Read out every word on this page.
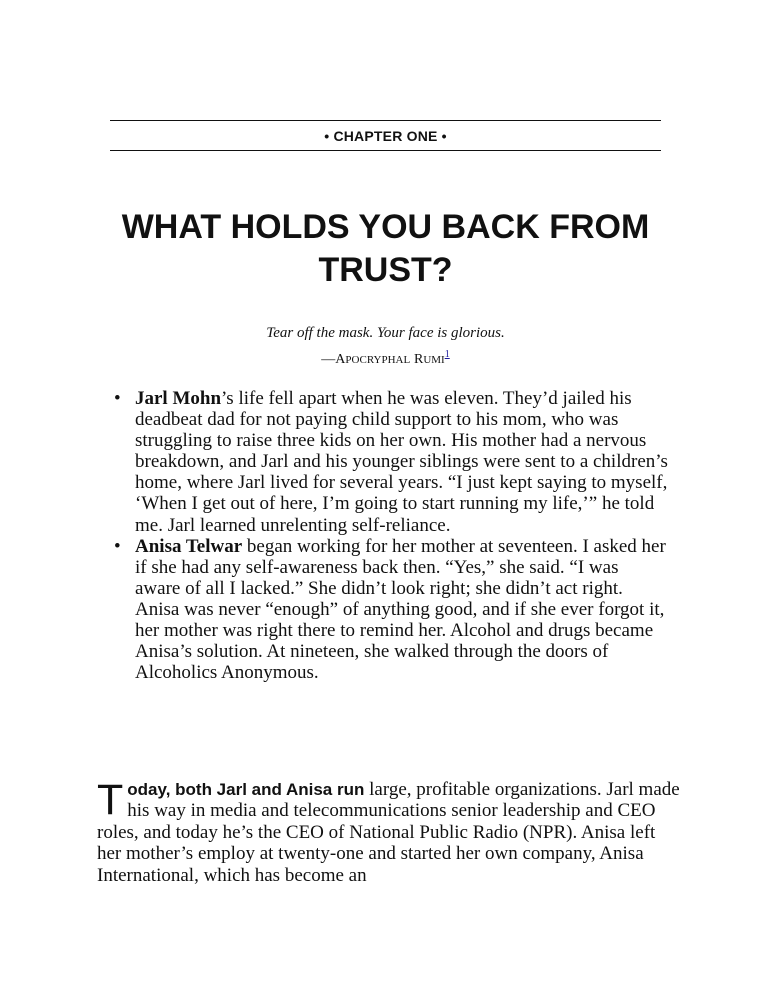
• CHAPTER ONE •
WHAT HOLDS YOU BACK FROM
TRUST?
Tear off the mask. Your face is glorious.
—APOCRYPHAL RUMI$^1$
• Jarl Mohn’s life fell apart when he was eleven. They’d jailed his deadbeat dad for not paying child support to his mom, who was struggling to raise three kids on her own. His mother had a nervous breakdown, and Jarl and his younger siblings were sent to a children’s home, where Jarl lived for several years. “I just kept saying to myself, ‘When I get out of here, I’m going to start running my life,’” he told me. Jarl learned unrelenting self-reliance.
• Anisa Telwar began working for her mother at seventeen. I asked her if she had any self-awareness back then. “Yes,” she said. “I was aware of all I lacked.” She didn’t look right; she didn’t act right. Anisa was never “enough” of anything good, and if she ever forgot it, her mother was right there to remind her. Alcohol and drugs became Anisa’s solution. At nineteen, she walked through the doors of Alcoholics Anonymous.

Today, both Jarl and Anisa run large, profitable organizations. Jarl made his way in media and telecommunications senior leadership and CEO roles, and today he’s the CEO of National Public Radio (NPR). Anisa left her mother’s employ at twenty-one and started her own company, Anisa International, which has become an
